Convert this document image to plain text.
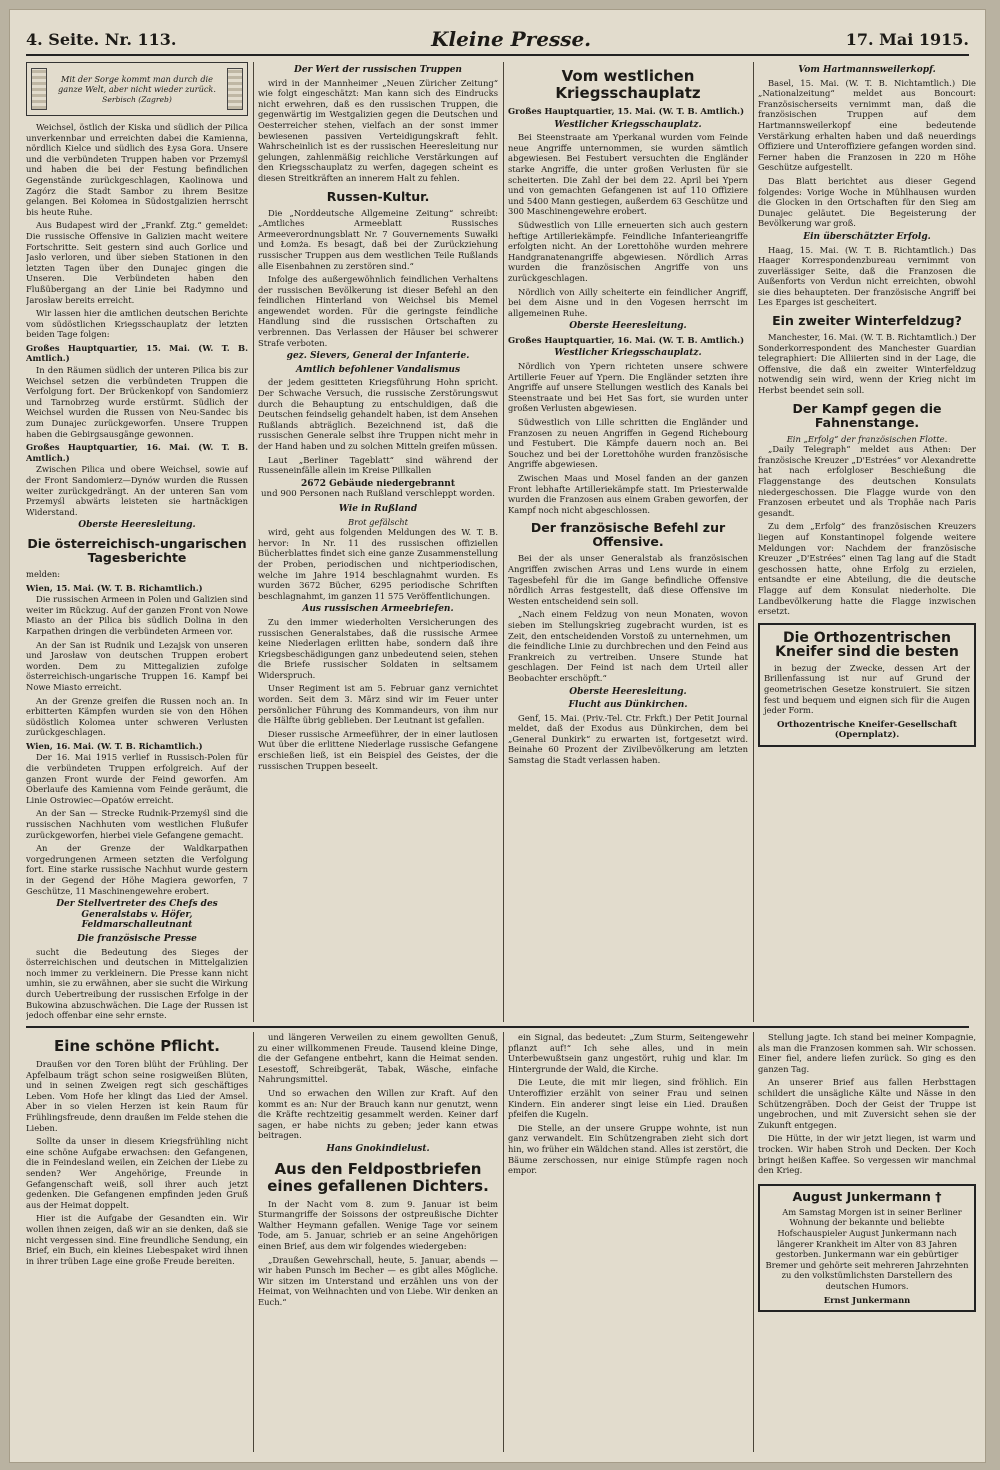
4. Seite. Nr. 113.	Kleine Presse.	17. Mai 1915.
Mit der Sorge kommt man durch die ganze Welt, aber nicht wieder zurück.
Serbisch (Zagreb)

Weichsel, östlich der Kiska und südlich der Pilica unverkennbar und erreichten dabei die Kamienna, nördlich Kielce und südlich des Łysa Gora. Unsere und die verbündeten Truppen haben vor Przemyśl und haben die bei der Festung befindlichen Gegenstände zurückgeschlagen, Kaolinowa und Zagórz die Stadt Sambor zu ihrem Besitze gelangen. Bei Kołomea in Südostgalizien herrscht bis heute Ruhe.

Aus Budapest wird der „Frankf. Ztg.“ gemeldet: Die russische Offensive in Galizien macht weitere Fortschritte. Seit gestern sind auch Gorlice und Jasło verloren, und über sieben Stationen in den letzten Tagen über den Dunajec gingen die Unseren. Die Verbündeten haben den Flußübergang an der Linie bei Radymno und Jarosław bereits erreicht.

Wir lassen hier die amtlichen deutschen Berichte vom südöstlichen Kriegsschauplatz der letzten beiden Tage folgen:

Großes Hauptquartier, 15. Mai. (W. T. B. Amtlich.)

In den Räumen südlich der unteren Pilica bis zur Weichsel setzen die verbündeten Truppen die Verfolgung fort. Der Brückenkopf von Sandomierz und Tarnobrzeg wurde erstürmt. Südlich der Weichsel wurden die Russen von Neu-Sandec bis zum Dunajec zurückgeworfen. Unsere Truppen haben die Gebirgsausgänge gewonnen.

Großes Hauptquartier, 16. Mai. (W. T. B. Amtlich.)

Zwischen Pilica und obere Weichsel, sowie auf der Front Sandomierz—Dynów wurden die Russen weiter zurückgedrängt. An der unteren San vom Przemyśl abwärts leisteten sie hartnäckigen Widerstand.

Oberste Heeresleitung.
Die österreichisch-ungarischen Tagesberichte
melden:
Wien, 15. Mai. (W. T. B. Richamtlich.)

Die russischen Armeen in Polen und Galizien sind weiter im Rückzug. Auf der ganzen Front von Nowe Miasto an der Pilica bis südlich Dolina in den Karpathen dringen die verbündeten Armeen vor.

An der San ist Rudnik und Lezajsk von unseren und Jarosław von deutschen Truppen erobert worden. Dem zu Mittegalizien zufolge österreichisch-ungarische Truppen 16. Kampf bei Nowe Miasto erreicht.

An der Grenze greifen die Russen noch an. In erbitterten Kämpfen wurden sie von den Höhen südöstlich Kolomea unter schweren Verlusten zurückgeschlagen.

Wien, 16. Mai. (W. T. B. Richamtlich.)

Der 16. Mai 1915 verlief in Russisch-Polen für die verbündeten Truppen erfolgreich. Auf der ganzen Front wurde der Feind geworfen. Am Oberlaufe des Kamienna vom Feinde geräumt, die Linie Ostrowiec—Opatów erreicht.

An der San — Strecke Rudnik-Przemyśl sind die russischen Nachhuten vom westlichen Flußufer zurückgeworfen, hierbei viele Gefangene gemacht.

An der Grenze der Waldkarpathen vorgedrungenen Armeen setzten die Verfolgung fort. Eine starke russische Nachhut wurde gestern in der Gegend der Höhe Magiera geworfen, 7 Geschütze, 11 Maschinengewehre erobert.

Der Stellvertreter des Chefs des Generalstabs v. Höfer, Feldmarschalleutnant
Die französische Presse

sucht die Bedeutung des Sieges der österreichischen und deutschen in Mittelgalizien noch immer zu verkleinern. Die Presse kann nicht umhin, sie zu erwähnen, aber sie sucht die Wirkung durch Uebertreibung der russischen Erfolge in der Bukowina abzuschwächen. Die Lage der Russen ist jedoch offenbar eine sehr ernste.

Der Wert der russischen Truppen

wird in der Mannheimer „Neuen Züricher Zeitung“ wie folgt eingeschätzt: Man kann sich des Eindrucks nicht erwehren, daß es den russischen Truppen, die gegenwärtig im Westgalizien gegen die Deutschen und Oesterreicher stehen, vielfach an der sonst immer bewiesenen passiven Verteidigungskraft fehlt. Wahrscheinlich ist es der russischen Heeresleitung nur gelungen, zahlenmäßig reichliche Verstärkungen auf den Kriegsschauplatz zu werfen, dagegen scheint es diesen Streitkräften an innerem Halt zu fehlen.

Russen-Kultur.

Die „Norddeutsche Allgemeine Zeitung“ schreibt: „Amtliches Armeeblatt Russisches Armeeverordnungsblatt Nr. 7 Gouvernements Suwałki und Łomża. Es besagt, daß bei der Zurückziehung russischer Truppen aus dem westlichen Teile Rußlands alle Eisenbahnen zu zerstören sind.“

Infolge des außergewöhnlich feindlichen Verhaltens der russischen Bevölkerung ist dieser Befehl an den feindlichen Hinterland von Weichsel bis Memel angewendet worden. Für die geringste feindliche Handlung sind die russischen Ortschaften zu verbrennen. Das Verlassen der Häuser bei schwerer Strafe verboten.

gez. Sievers, General der Infanterie.
Amtlich befohlener Vandalismus

der jedem gesitteten Kriegsführung Hohn spricht. Der Schwache Versuch, die russische Zerstörungswut durch die Behauptung zu entschuldigen, daß die Deutschen feindselig gehandelt haben, ist dem Ansehen Rußlands abträglich. Bezeichnend ist, daß die russischen Generale selbst ihre Truppen nicht mehr in der Hand haben und zu solchen Mitteln greifen müssen.

Laut „Berliner Tageblatt“ sind während der Russeneinfälle allein im Kreise Pillkallen

2672 Gebäude niedergebrannt
und 900 Personen nach Rußland verschleppt worden.
Wie in Rußland
Brot gefälscht

wird, geht aus folgenden Meldungen des W. T. B. hervor: In Nr. 11 des russischen offiziellen Bücherblattes findet sich eine ganze Zusammenstellung der Proben, periodischen und nichtperiodischen, welche im Jahre 1914 beschlagnahmt wurden. Es wurden 3672 Bücher, 6295 periodische Schriften beschlagnahmt, im ganzen 11 575 Veröffentlichungen.

Aus russischen Armeebriefen.

Zu den immer wiederholten Versicherungen des russischen Generalstabes, daß die russische Armee keine Niederlagen erlitten habe, sondern daß ihre Kriegsbeschädigungen ganz unbedeutend seien, stehen die Briefe russischer Soldaten in seltsamem Widerspruch.

Unser Regiment ist am 5. Februar ganz vernichtet worden. Seit dem 3. März sind wir im Feuer unter persönlicher Führung des Kommandeurs, von ihm nur die Hälfte übrig geblieben. Der Leutnant ist gefallen.

Dieser russische Armeeführer, der in einer lautlosen Wut über die erlittene Niederlage russische Gefangene erschießen ließ, ist ein Beispiel des Geistes, der die russischen Truppen beseelt.

Vom westlichen Kriegsschauplatz
Großes Hauptquartier, 15. Mai. (W. T. B. Amtlich.)
Westlicher Kriegsschauplatz.

Bei Steenstraate am Yperkanal wurden vom Feinde neue Angriffe unternommen, sie wurden sämtlich abgewiesen. Bei Festubert versuchten die Engländer starke Angriffe, die unter großen Verlusten für sie scheiterten. Die Zahl der bei dem 22. April bei Ypern und von gemachten Gefangenen ist auf 110 Offiziere und 5400 Mann gestiegen, außerdem 63 Geschütze und 300 Maschinengewehre erobert.

Südwestlich von Lille erneuerten sich auch gestern heftige Artilleriekämpfe. Feindliche Infanterieangriffe erfolgten nicht. An der Lorettohöhe wurden mehrere Handgranatenangriffe abgewiesen. Nördlich Arras wurden die französischen Angriffe von uns zurückgeschlagen.

Nördlich von Ailly scheiterte ein feindlicher Angriff, bei dem Aisne und in den Vogesen herrscht im allgemeinen Ruhe.

Oberste Heeresleitung.
Großes Hauptquartier, 16. Mai. (W. T. B. Amtlich.)
Westlicher Kriegsschauplatz.

Nördlich von Ypern richteten unsere schwere Artillerie Feuer auf Ypern. Die Engländer setzten ihre Angriffe auf unsere Stellungen westlich des Kanals bei Steenstraate und bei Het Sas fort, sie wurden unter großen Verlusten abgewiesen.

Südwestlich von Lille schritten die Engländer und Franzosen zu neuen Angriffen in Gegend Richebourg und Festubert. Die Kämpfe dauern noch an. Bei Souchez und bei der Lorettohöhe wurden französische Angriffe abgewiesen.

Zwischen Maas und Mosel fanden an der ganzen Front lebhafte Artilleriekämpfe statt. Im Priesterwalde wurden die Franzosen aus einem Graben geworfen, der Kampf noch nicht abgeschlossen.

Der französische Befehl zur Offensive.

Bei der als unser Generalstab als französischen Angriffen zwischen Arras und Lens wurde in einem Tagesbefehl für die im Gange befindliche Offensive nördlich Arras festgestellt, daß diese Offensive im Westen entscheidend sein soll.

„Nach einem Feldzug von neun Monaten, wovon sieben im Stellungskrieg zugebracht wurden, ist es Zeit, den entscheidenden Vorstoß zu unternehmen, um die feindliche Linie zu durchbrechen und den Feind aus Frankreich zu vertreiben. Unsere Stunde hat geschlagen. Der Feind ist nach dem Urteil aller Beobachter erschöpft.“

Oberste Heeresleitung.
Flucht aus Dünkirchen.

Genf, 15. Mai. (Priv.-Tel. Ctr. Frkft.) Der Petit Journal meldet, daß der Exodus aus Dünkirchen, dem bei „General Dunkirk“ zu erwarten ist, fortgesetzt wird. Beinahe 60 Prozent der Zivilbevölkerung am letzten Samstag die Stadt verlassen haben.

Vom Hartmannsweilerkopf.

Basel, 15. Mai. (W. T. B. Nichtamtlich.) Die „Nationalzeitung“ meldet aus Boncourt: Französischerseits vernimmt man, daß die französischen Truppen auf dem Hartmannsweilerkopf eine bedeutende Verstärkung erhalten haben und daß neuerdings Offiziere und Unteroffiziere gefangen worden sind. Ferner haben die Franzosen in 220 m Höhe Geschütze aufgestellt.

Das Blatt berichtet aus dieser Gegend folgendes: Vorige Woche in Mühlhausen wurden die Glocken in den Ortschaften für den Sieg am Dunajec geläutet. Die Begeisterung der Bevölkerung war groß.

Ein überschätzter Erfolg.

Haag, 15. Mai. (W. T. B. Richtamtlich.) Das Haager Korrespondenzbureau vernimmt von zuverlässiger Seite, daß die Franzosen die Außenforts von Verdun nicht erreichten, obwohl sie dies behaupteten. Der französische Angriff bei Les Eparges ist gescheitert.

Ein zweiter Winterfeldzug?

Manchester, 16. Mai. (W. T. B. Richtamtlich.) Der Sonderkorrespondent des Manchester Guardian telegraphiert: Die Alliierten sind in der Lage, die Offensive, die daß ein zweiter Winterfeldzug notwendig sein wird, wenn der Krieg nicht im Herbst beendet sein soll.

Der Kampf gegen die Fahnenstange.
Ein „Erfolg“ der französischen Flotte.

„Daily Telegraph“ meldet aus Athen: Der französische Kreuzer „D'Estrées“ vor Alexandrette hat nach erfolgloser Beschießung die Flaggenstange des deutschen Konsulats niedergeschossen. Die Flagge wurde von den Franzosen erbeutet und als Trophäe nach Paris gesandt.

Zu dem „Erfolg“ des französischen Kreuzers liegen auf Konstantinopel folgende weitere Meldungen vor: Nachdem der französische Kreuzer „D'Estrées“ einen Tag lang auf die Stadt geschossen hatte, ohne Erfolg zu erzielen, entsandte er eine Abteilung, die die deutsche Flagge auf dem Konsulat niederholte. Die Landbevölkerung hatte die Flagge inzwischen ersetzt.

Die Orthozentrischen Kneifer sind die besten

in bezug der Zwecke, dessen Art der Brillenfassung ist nur auf Grund der geometrischen Gesetze konstruiert. Sie sitzen fest und bequem und eignen sich für die Augen jeder Form.

Orthozentrische Kneifer-Gesellschaft (Opernplatz).
Eine schöne Pflicht.

Draußen vor den Toren blüht der Frühling. Der Apfelbaum trägt schon seine rosigweißen Blüten, und in seinen Zweigen regt sich geschäftiges Leben. Vom Hofe her klingt das Lied der Amsel. Aber in so vielen Herzen ist kein Raum für Frühlingsfreude, denn draußen im Felde stehen die Lieben.

Sollte da unser in diesem Kriegsfrühling nicht eine schöne Aufgabe erwachsen: den Gefangenen, die in Feindesland weilen, ein Zeichen der Liebe zu senden? Wer Angehörige, Freunde in Gefangenschaft weiß, soll ihrer auch jetzt gedenken. Die Gefangenen empfinden jeden Gruß aus der Heimat doppelt.

Hier ist die Aufgabe der Gesandten ein. Wir wollen ihnen zeigen, daß wir an sie denken, daß sie nicht vergessen sind. Eine freundliche Sendung, ein Brief, ein Buch, ein kleines Liebespaket wird ihnen in ihrer trüben Lage eine große Freude bereiten.

und längeren Verweilen zu einem gewollten Genuß, zu einer willkommenen Freude. Tausend kleine Dinge, die der Gefangene entbehrt, kann die Heimat senden. Lesestoff, Schreibgerät, Tabak, Wäsche, einfache Nahrungsmittel.

Und so erwachen den Willen zur Kraft. Auf den kommt es an: Nur der Brauch kann nur genutzt, wenn die Kräfte rechtzeitig gesammelt werden. Keiner darf sagen, er habe nichts zu geben; jeder kann etwas beitragen.

Hans Gnokindielust.
Aus den Feldpostbriefen eines gefallenen Dichters.

In der Nacht vom 8. zum 9. Januar ist beim Sturmangriffe der Soissons der ostpreußische Dichter Walther Heymann gefallen. Wenige Tage vor seinem Tode, am 5. Januar, schrieb er an seine Angehörigen einen Brief, aus dem wir folgendes wiedergeben:

„Draußen Gewehrschall, heute, 5. Januar, abends — wir haben Punsch im Becher — es gibt alles Mögliche. Wir sitzen im Unterstand und erzählen uns von der Heimat, von Weihnachten und von Liebe. Wir denken an Euch.“

ein Signal, das bedeutet: „Zum Sturm, Seitengewehr pflanzt auf!“ Ich sehe alles, und in mein Unterbewußtsein ganz ungestört, ruhig und klar. Im Hintergrunde der Wald, die Kirche.

Die Leute, die mit mir liegen, sind fröhlich. Ein Unteroffizier erzählt von seiner Frau und seinen Kindern. Ein anderer singt leise ein Lied. Draußen pfeifen die Kugeln.

Die Stelle, an der unsere Gruppe wohnte, ist nun ganz verwandelt. Ein Schützengraben zieht sich dort hin, wo früher ein Wäldchen stand. Alles ist zerstört, die Bäume zerschossen, nur einige Stümpfe ragen noch empor.

Stellung jagte. Ich stand bei meiner Kompagnie, als man die Franzosen kommen sah. Wir schossen. Einer fiel, andere liefen zurück. So ging es den ganzen Tag.

An unserer Brief aus fallen Herbsttagen schildert die unsägliche Kälte und Nässe in den Schützengräben. Doch der Geist der Truppe ist ungebrochen, und mit Zuversicht sehen sie der Zukunft entgegen.

Die Hütte, in der wir jetzt liegen, ist warm und trocken. Wir haben Stroh und Decken. Der Koch bringt heißen Kaffee. So vergessen wir manchmal den Krieg.

August Junkermann †

Am Samstag Morgen ist in seiner Berliner Wohnung der bekannte und beliebte Hofschauspieler August Junkermann nach längerer Krankheit im Alter von 83 Jahren gestorben. Junkermann war ein gebürtiger Bremer und gehörte seit mehreren Jahrzehnten zu den volkstümlichsten Darstellern des deutschen Humors.

Ernst Junkermann
